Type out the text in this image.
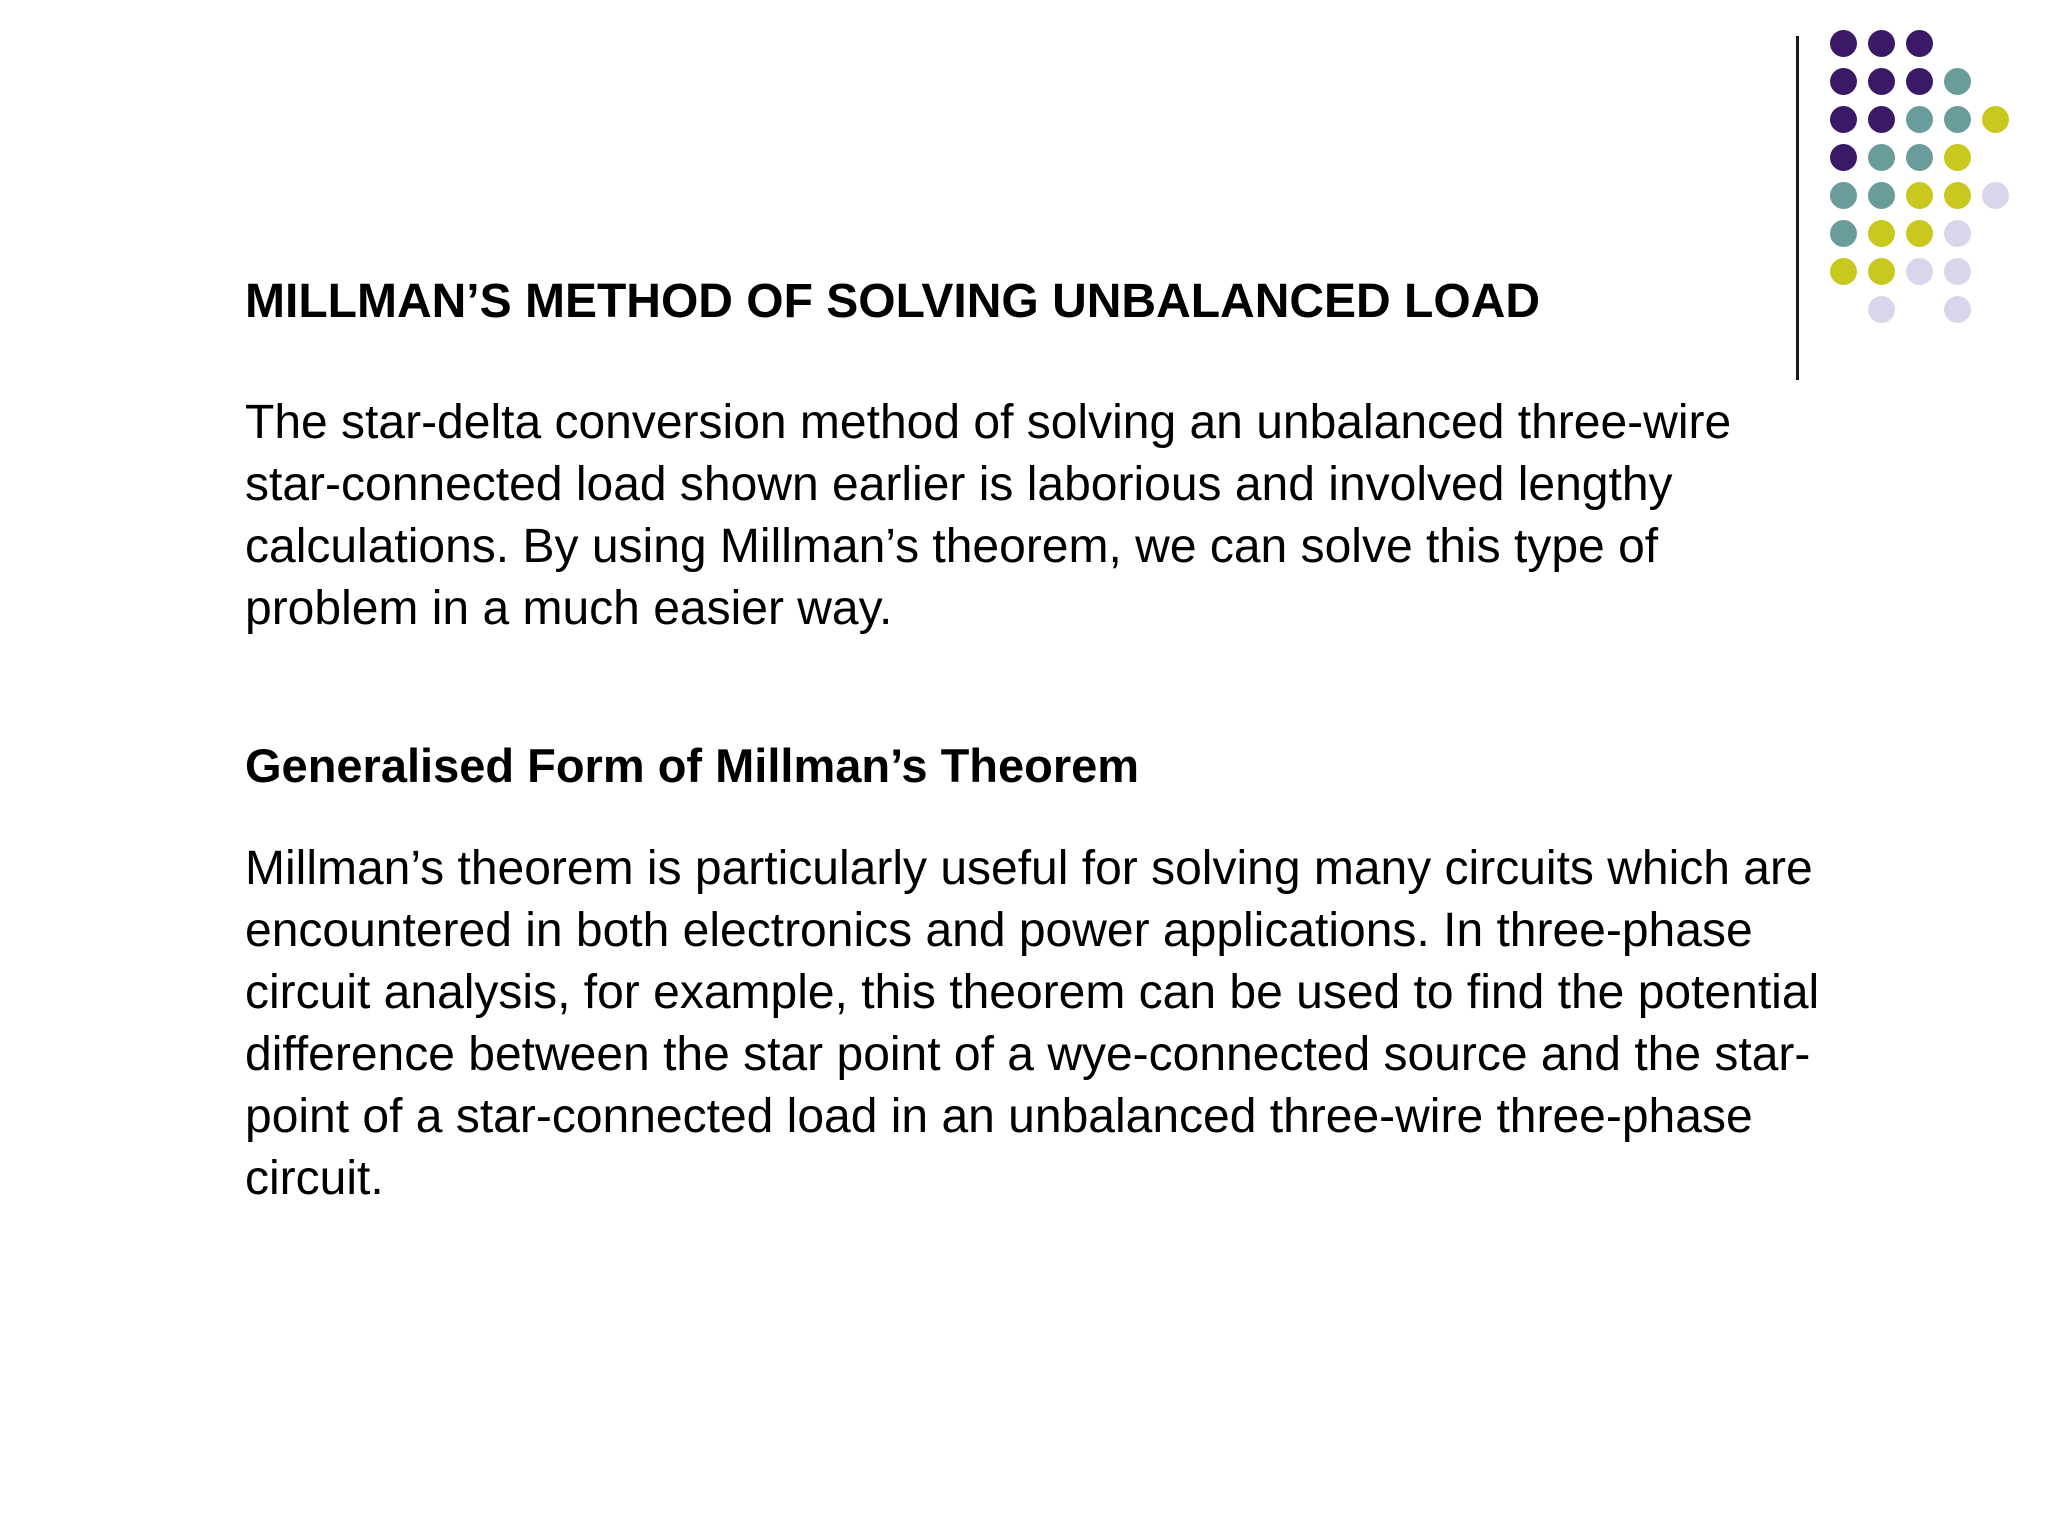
MILLMAN’S METHOD OF SOLVING UNBALANCED LOAD

The star-delta conversion method of solving an unbalanced three-wire star-connected load shown earlier is laborious and involved lengthy calculations. By using Millman’s theorem, we can solve this type of problem in a much easier way.

Generalised Form of Millman’s Theorem

Millman’s theorem is particularly useful for solving many circuits which are encountered in both electronics and power applications. In three-phase circuit analysis, for example, this theorem can be used to find the potential difference between the star point of a wye-connected source and the star-point of a star-connected load in an unbalanced three-wire three-phase circuit.
